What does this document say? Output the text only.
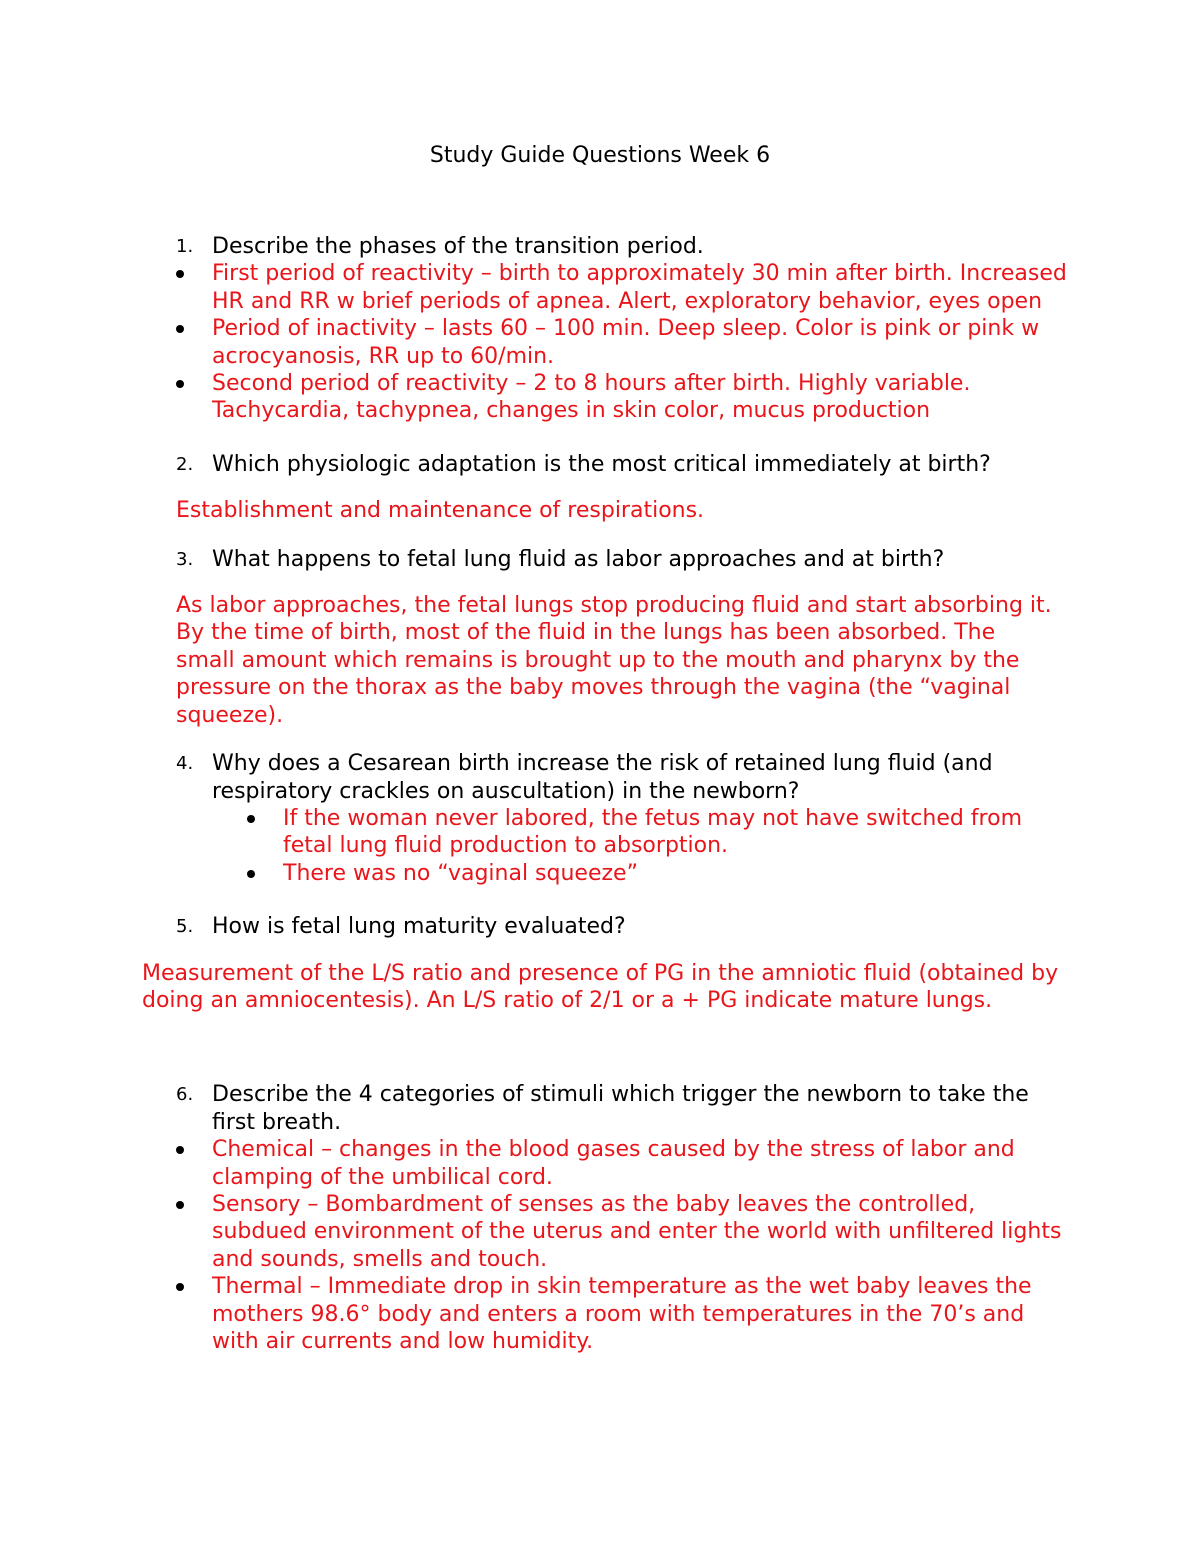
Study Guide Questions Week 6
1. Describe the phases of the transition period.
First period of reactivity – birth to approximately 30 min after birth. Increased HR and RR w brief periods of apnea. Alert, exploratory behavior, eyes open
Period of inactivity – lasts 60 – 100 min. Deep sleep. Color is pink or pink w acrocyanosis, RR up to 60/min.
Second period of reactivity – 2 to 8 hours after birth. Highly variable. Tachycardia, tachypnea, changes in skin color, mucus production
2. Which physiologic adaptation is the most critical immediately at birth?
Establishment and maintenance of respirations.
3. What happens to fetal lung fluid as labor approaches and at birth?
As labor approaches, the fetal lungs stop producing fluid and start absorbing it. By the time of birth, most of the fluid in the lungs has been absorbed. The small amount which remains is brought up to the mouth and pharynx by the pressure on the thorax as the baby moves through the vagina (the “vaginal squeeze).
4. Why does a Cesarean birth increase the risk of retained lung fluid (and respiratory crackles on auscultation) in the newborn?
If the woman never labored, the fetus may not have switched from fetal lung fluid production to absorption.
There was no “vaginal squeeze”
5. How is fetal lung maturity evaluated?
Measurement of the L/S ratio and presence of PG in the amniotic fluid (obtained by doing an amniocentesis). An L/S ratio of 2/1 or a + PG indicate mature lungs.
6. Describe the 4 categories of stimuli which trigger the newborn to take the first breath.
Chemical – changes in the blood gases caused by the stress of labor and clamping of the umbilical cord.
Sensory – Bombardment of senses as the baby leaves the controlled, subdued environment of the uterus and enter the world with unfiltered lights and sounds, smells and touch.
Thermal – Immediate drop in skin temperature as the wet baby leaves the mothers 98.6° body and enters a room with temperatures in the 70’s and with air currents and low humidity.
